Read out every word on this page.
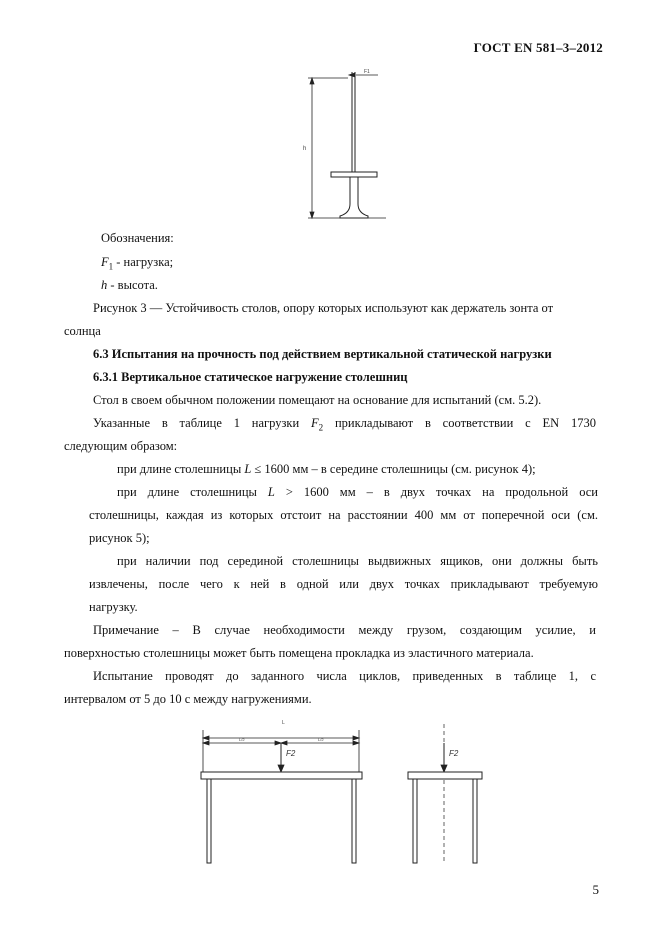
ГОСТ EN 581–3–2012
h
F1
Обозначения:
$F_1$ - нагрузка;
h - высота.
Рисунок 3 — Устойчивость столов, опору которых используют как держатель зонта от
солнца
6.3 Испытания на прочность под действием вертикальной статической нагрузки
6.3.1 Вертикальное статическое нагружение столешниц
Стол в своем обычном положении помещают на основание для испытаний (см. 5.2).
Указанные в таблице 1 нагрузки $F_2$ прикладывают в соответствии с EN 1730
следующим образом:
при длине столешницы L ≤ 1600 мм – в середине столешницы (см. рисунок 4);
при длине столешницы L > 1600 мм – в двух точках на продольной оси
столешницы, каждая из которых отстоит на расстоянии 400 мм от поперечной оси (см.
рисунок 5);
при наличии под серединой столешницы выдвижных ящиков, они должны быть
извлечены, после чего к ней в одной или двух точках прикладывают требуемую
нагрузку.
Примечание – В случае необходимости между грузом, создающим усилие, и
поверхностью столешницы может быть помещена прокладка из эластичного материала.
Испытание проводят до заданного числа циклов, приведенных в таблице 1, с
интервалом от 5 до 10 с между нагружениями.
L
L/2	L/2
F2	F2
5
